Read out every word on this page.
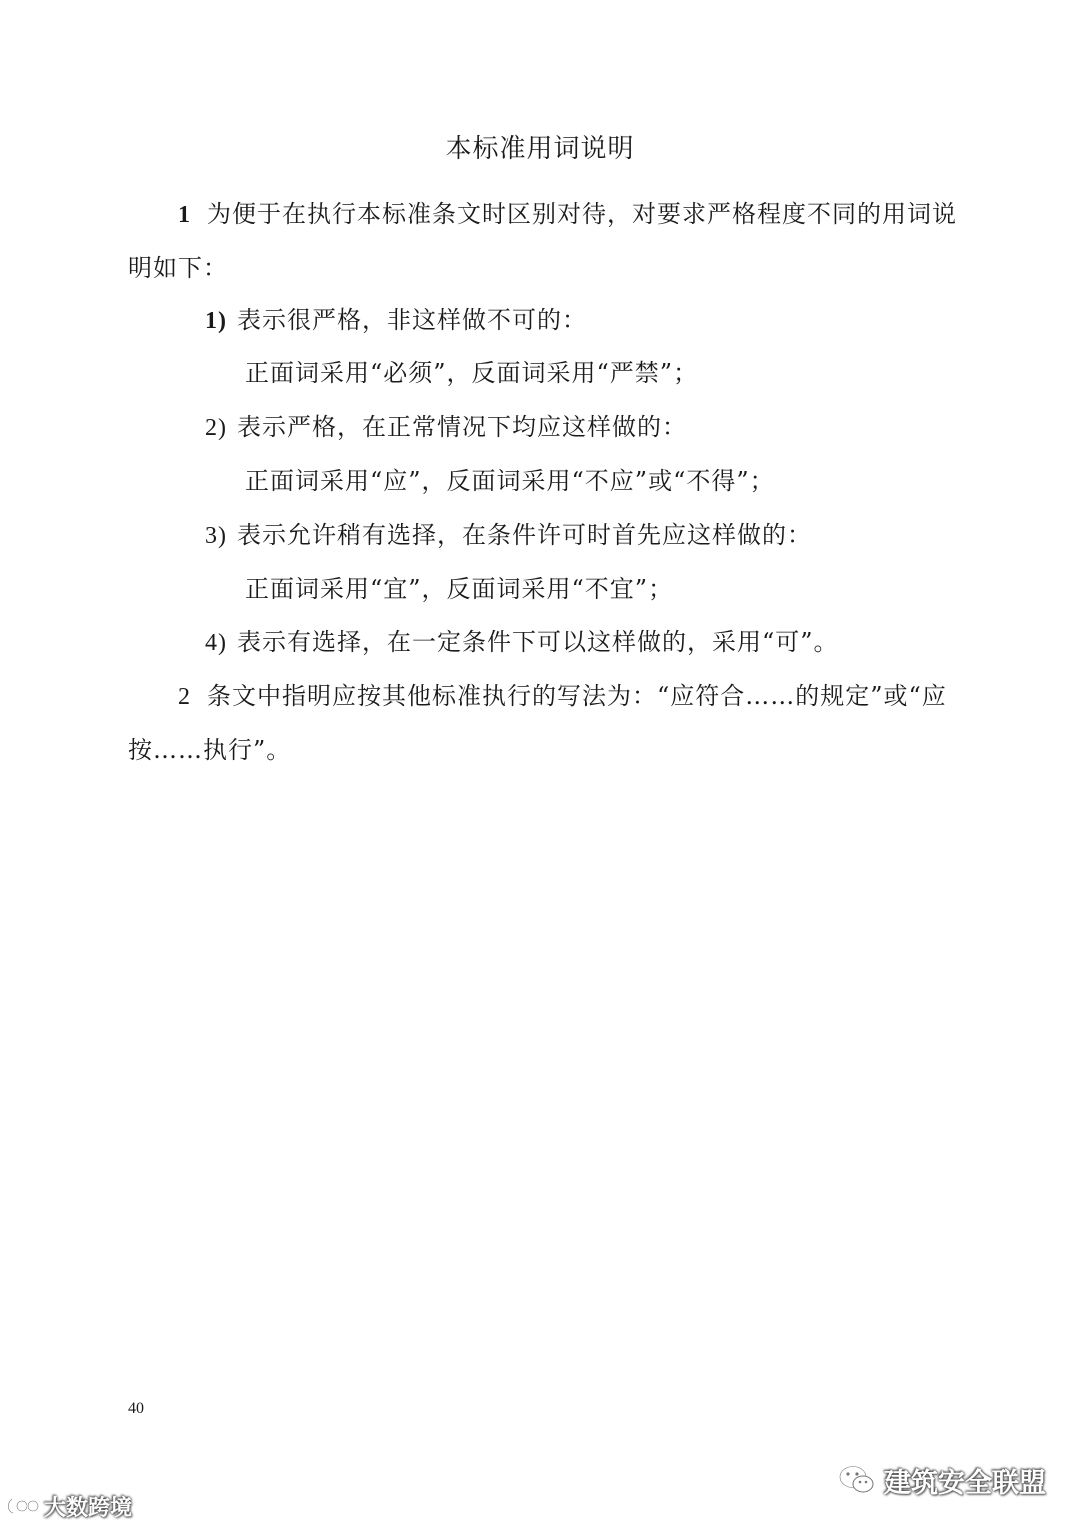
本标准用词说明

1 为便于在执行本标准条文时区别对待，对要求严格程度不同的用词说明如下：

1) 表示很严格，非这样做不可的：
正面词采用“必须”，反面词采用“严禁”；
2) 表示严格，在正常情况下均应这样做的：
正面词采用“应”，反面词采用“不应”或“不得”；
3) 表示允许稍有选择，在条件许可时首先应这样做的：
正面词采用“宜”，反面词采用“不宜”；
4) 表示有选择，在一定条件下可以这样做的，采用“可”。

2 条文中指明应按其他标准执行的写法为：“应符合……的规定”或“应按……执行”。

40
建筑安全联盟
大数跨境
